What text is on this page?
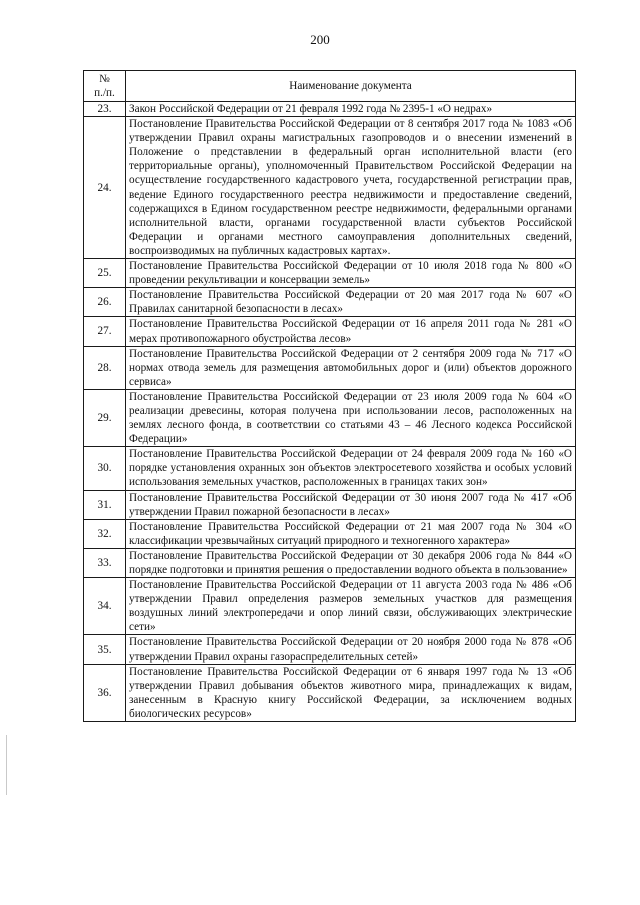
200
№
п./п.	Наименование документа
23.	Закон Российской Федерации от 21 февраля 1992 года № 2395-1 «О недрах»
24.	Постановление Правительства Российской Федерации от 8 сентября 2017 года № 1083 «Об утверждении Правил охраны магистральных газопроводов и о внесении изменений в Положение о представлении в федеральный орган исполнительной власти (его территориальные органы), уполномоченный Правительством Российской Федерации на осуществление государственного кадастрового учета, государственной регистрации прав, ведение Единого государственного реестра недвижимости и предоставление сведений, содержащихся в Едином государственном реестре недвижимости, федеральными органами исполнительной власти, органами государственной власти субъектов Российской Федерации и органами местного самоуправления дополнительных сведений, воспроизводимых на публичных кадастровых картах».
25.	Постановление Правительства Российской Федерации от 10 июля 2018 года № 800 «О проведении рекультивации и консервации земель»
26.	Постановление Правительства Российской Федерации от 20 мая 2017 года № 607 «О Правилах санитарной безопасности в лесах»
27.	Постановление Правительства Российской Федерации от 16 апреля 2011 года № 281 «О мерах противопожарного обустройства лесов»
28.	Постановление Правительства Российской Федерации от 2 сентября 2009 года № 717 «О нормах отвода земель для размещения автомобильных дорог и (или) объектов дорожного сервиса»
29.	Постановление Правительства Российской Федерации от 23 июля 2009 года № 604 «О реализации древесины, которая получена при использовании лесов, расположенных на землях лесного фонда, в соответствии со статьями 43 – 46 Лесного кодекса Российской Федерации»
30.	Постановление Правительства Российской Федерации от 24 февраля 2009 года № 160 «О порядке установления охранных зон объектов электросетевого хозяйства и особых условий использования земельных участков, расположенных в границах таких зон»
31.	Постановление Правительства Российской Федерации от 30 июня 2007 года № 417 «Об утверждении Правил пожарной безопасности в лесах»
32.	Постановление Правительства Российской Федерации от 21 мая 2007 года № 304 «О классификации чрезвычайных ситуаций природного и техногенного характера»
33.	Постановление Правительства Российской Федерации от 30 декабря 2006 года № 844 «О порядке подготовки и принятия решения о предоставлении водного объекта в пользование»
34.	Постановление Правительства Российской Федерации от 11 августа 2003 года № 486 «Об утверждении Правил определения размеров земельных участков для размещения воздушных линий электропередачи и опор линий связи, обслуживающих электрические сети»
35.	Постановление Правительства Российской Федерации от 20 ноября 2000 года № 878 «Об утверждении Правил охраны газораспределительных сетей»
36.	Постановление Правительства Российской Федерации от 6 января 1997 года № 13 «Об утверждении Правил добывания объектов животного мира, принадлежащих к видам, занесенным в Красную книгу Российской Федерации, за исключением водных биологических ресурсов»
